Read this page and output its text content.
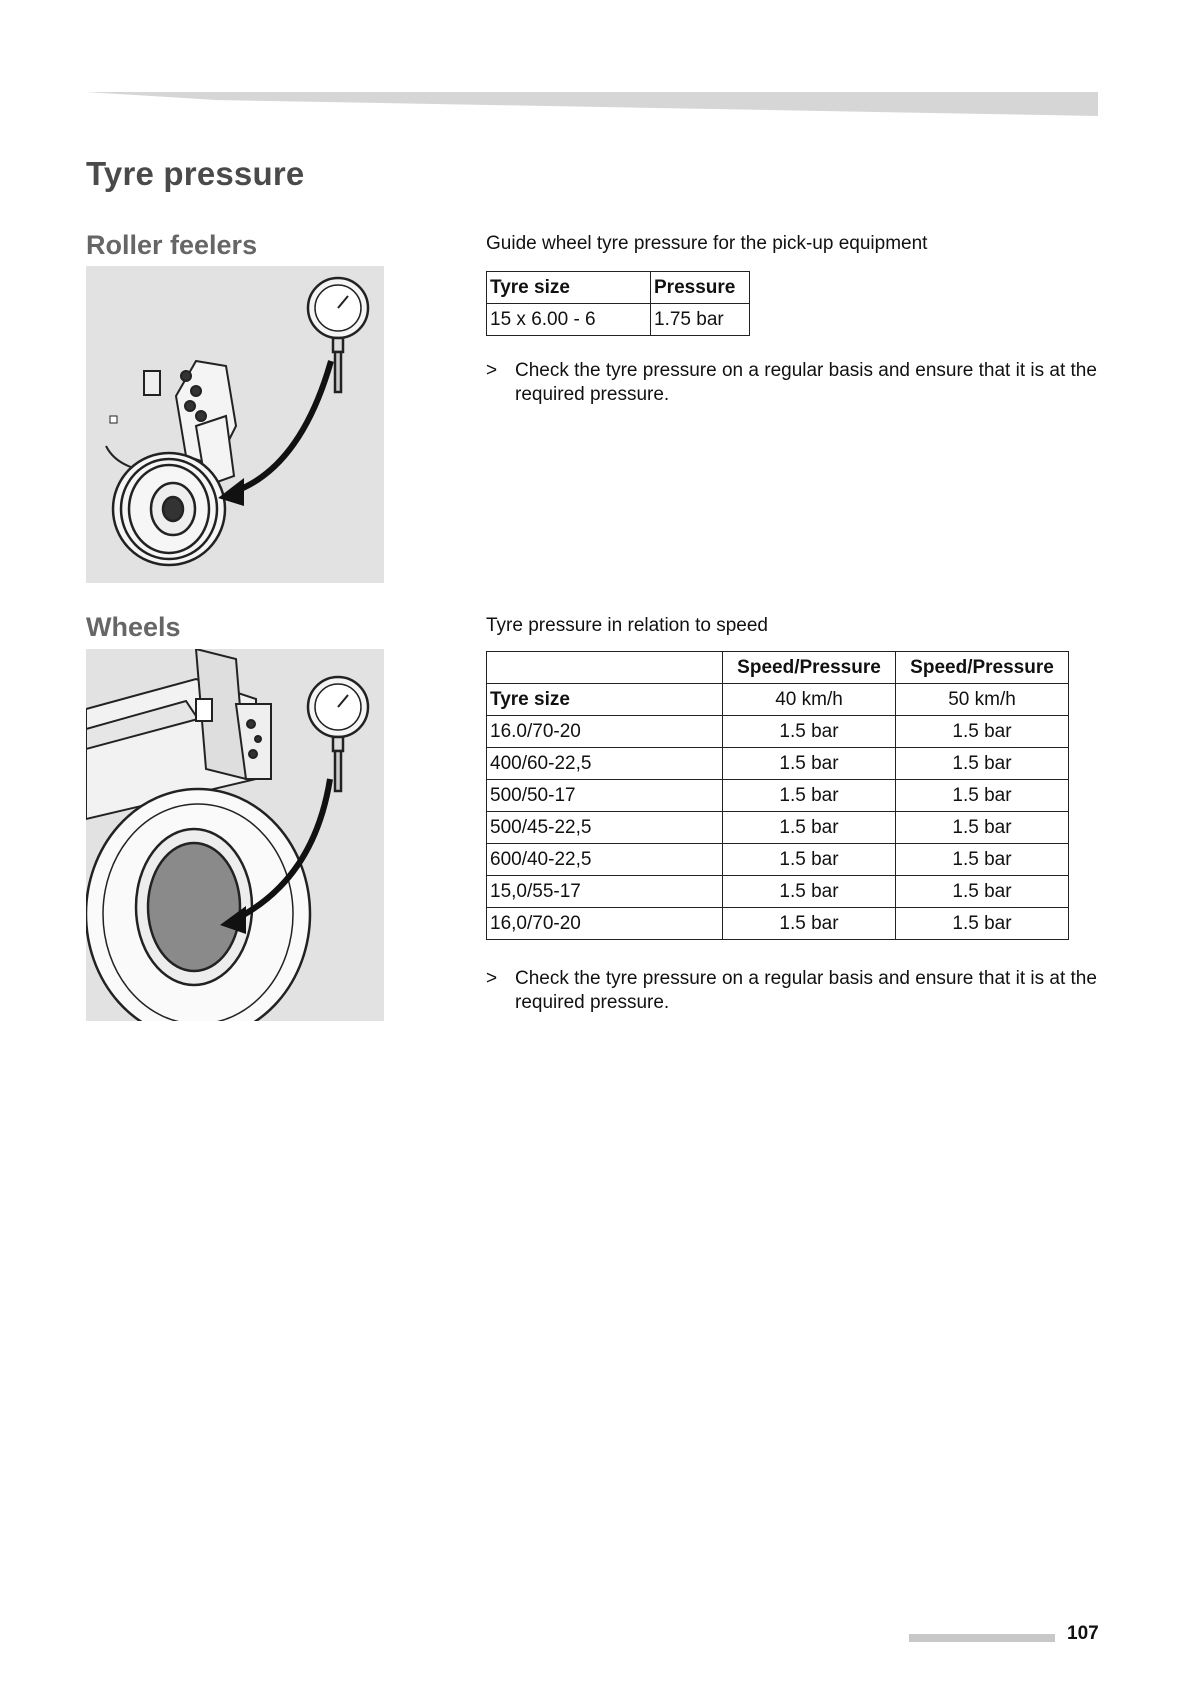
Tyre pressure
Roller feelers	Guide wheel tyre pressure for the pick-up equipment

Tyre size	Pressure
15 x 6.00 - 6	1.75 bar
> Check the tyre pressure on a regular basis and ensure that it is at the required pressure.
Wheels	Tyre pressure in relation to speed

	Speed/Pressure	Speed/Pressure
Tyre size	40 km/h	50 km/h
16.0/70-20	1.5 bar	1.5 bar
400/60-22,5	1.5 bar	1.5 bar
500/50-17	1.5 bar	1.5 bar
500/45-22,5	1.5 bar	1.5 bar
600/40-22,5	1.5 bar	1.5 bar
15,0/55-17	1.5 bar	1.5 bar
16,0/70-20	1.5 bar	1.5 bar
> Check the tyre pressure on a regular basis and ensure that it is at the required pressure.
107
